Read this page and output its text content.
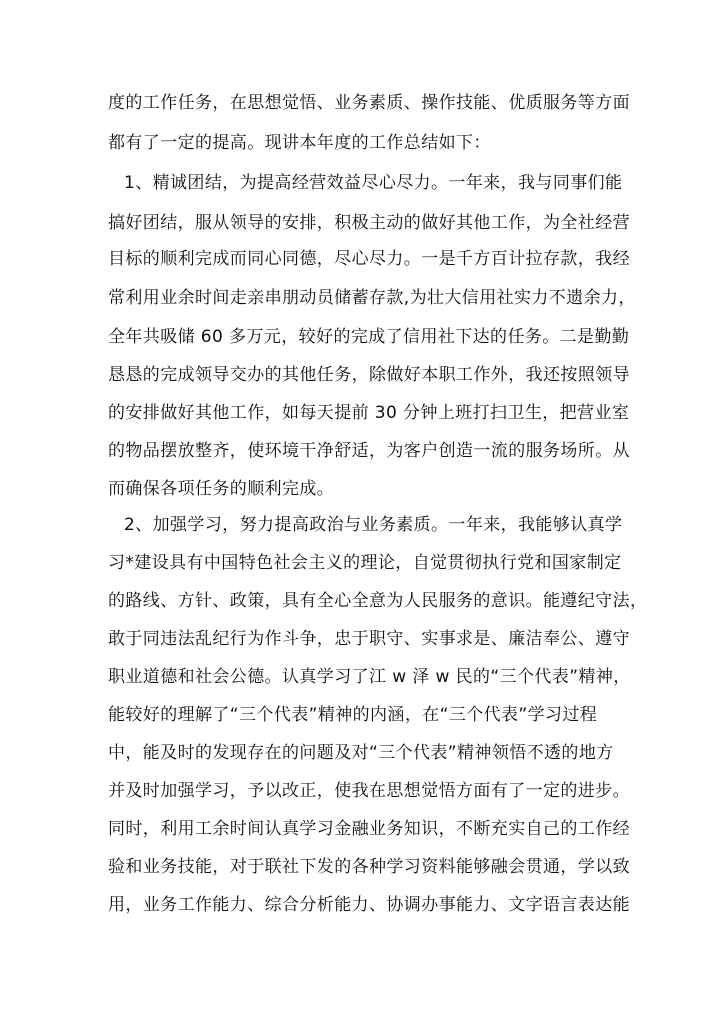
度的工作任务，在思想觉悟、业务素质、操作技能、优质服务等方面
都有了一定的提高。现讲本年度的工作总结如下：
1、精诚团结，为提高经营效益尽心尽力。一年来，我与同事们能
搞好团结，服从领导的安排，积极主动的做好其他工作，为全社经营
目标的顺利完成而同心同德，尽心尽力。一是千方百计拉存款，我经
常利用业余时间走亲串朋动员储蓄存款,为壮大信用社实力不遗余力，
全年共吸储 60 多万元，较好的完成了信用社下达的任务。二是勤勤
恳恳的完成领导交办的其他任务，除做好本职工作外，我还按照领导
的安排做好其他工作，如每天提前 30 分钟上班打扫卫生，把营业室
的物品摆放整齐，使环境干净舒适，为客户创造一流的服务场所。从
而确保各项任务的顺利完成。
2、加强学习，努力提高政治与业务素质。一年来，我能够认真学
习*建设具有中国特色社会主义的理论，自觉贯彻执行党和国家制定
的路线、方针、政策，具有全心全意为人民服务的意识。能遵纪守法，
敢于同违法乱纪行为作斗争，忠于职守、实事求是、廉洁奉公、遵守
职业道德和社会公德。认真学习了江 w 泽 w 民的“三个代表”精神，
能较好的理解了“三个代表”精神的内涵，在“三个代表”学习过程
中，能及时的发现存在的问题及对“三个代表”精神领悟不透的地方
并及时加强学习，予以改正，使我在思想觉悟方面有了一定的进步。
同时，利用工余时间认真学习金融业务知识，不断充实自己的工作经
验和业务技能，对于联社下发的各种学习资料能够融会贯通，学以致
用，业务工作能力、综合分析能力、协调办事能力、文字语言表达能
